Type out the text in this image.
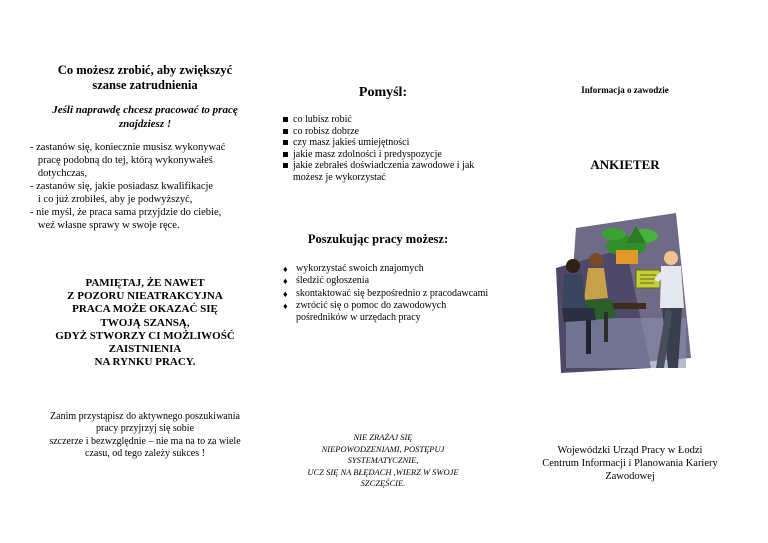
Co możesz zrobić, aby zwiększyć
szanse zatrudnienia
Jeśli naprawdę chcesz pracować to pracę
znajdziesz !
- zastanów się, koniecznie musisz wykonywać
pracę podobną do tej, którą wykonywałeś
dotychczas,
- zastanów się, jakie posiadasz kwalifikacje
i co już zrobiłeś, aby je podwyższyć,
- nie myśl, że praca sama przyjdzie do ciebie,
weź własne sprawy w swoje ręce.
PAMIĘTAJ, ŻE NAWET
Z POZORU NIEATRAKCYJNA
PRACA MOŻE OKAZAĆ SIĘ
TWOJĄ SZANSĄ,
GDYŻ STWORZY CI MOŻLIWOŚĆ
ZAISTNIENIA
NA RYNKU PRACY.
Zanim przystąpisz do aktywnego poszukiwania
pracy przyjrzyj się sobie
szczerze i bezwzględnie – nie ma na to za wiele
czasu, od tego zależy sukces !
Pomyśl:
co lubisz robić
co robisz dobrze
czy masz jakieś umiejętności
jakie masz zdolności i predyspozycje
jakie zebrałeś doświadczenia zawodowe i jak możesz je wykorzystać
Poszukując pracy możesz:
♦ wykorzystać swoich znajomych
♦ śledzić ogłoszenia
♦ skontaktować się bezpośrednio z pracodawcami
♦ zwrócić się o pomoc do zawodowych pośredników w urzędach pracy
NIE ZRAŻAJ SIĘ
NIEPOWODZENIAMI, POSTĘPUJ
SYSTEMATYCZNIE,
UCZ SIĘ NA BŁĘDACH ,WIERZ W SWOJE
SZCZĘŚCIE.
Informacja o zawodzie
ANKIETER
Wojewódzki Urząd Pracy w Łodzi
Centrum Informacji i Planowania Kariery
Zawodowej
